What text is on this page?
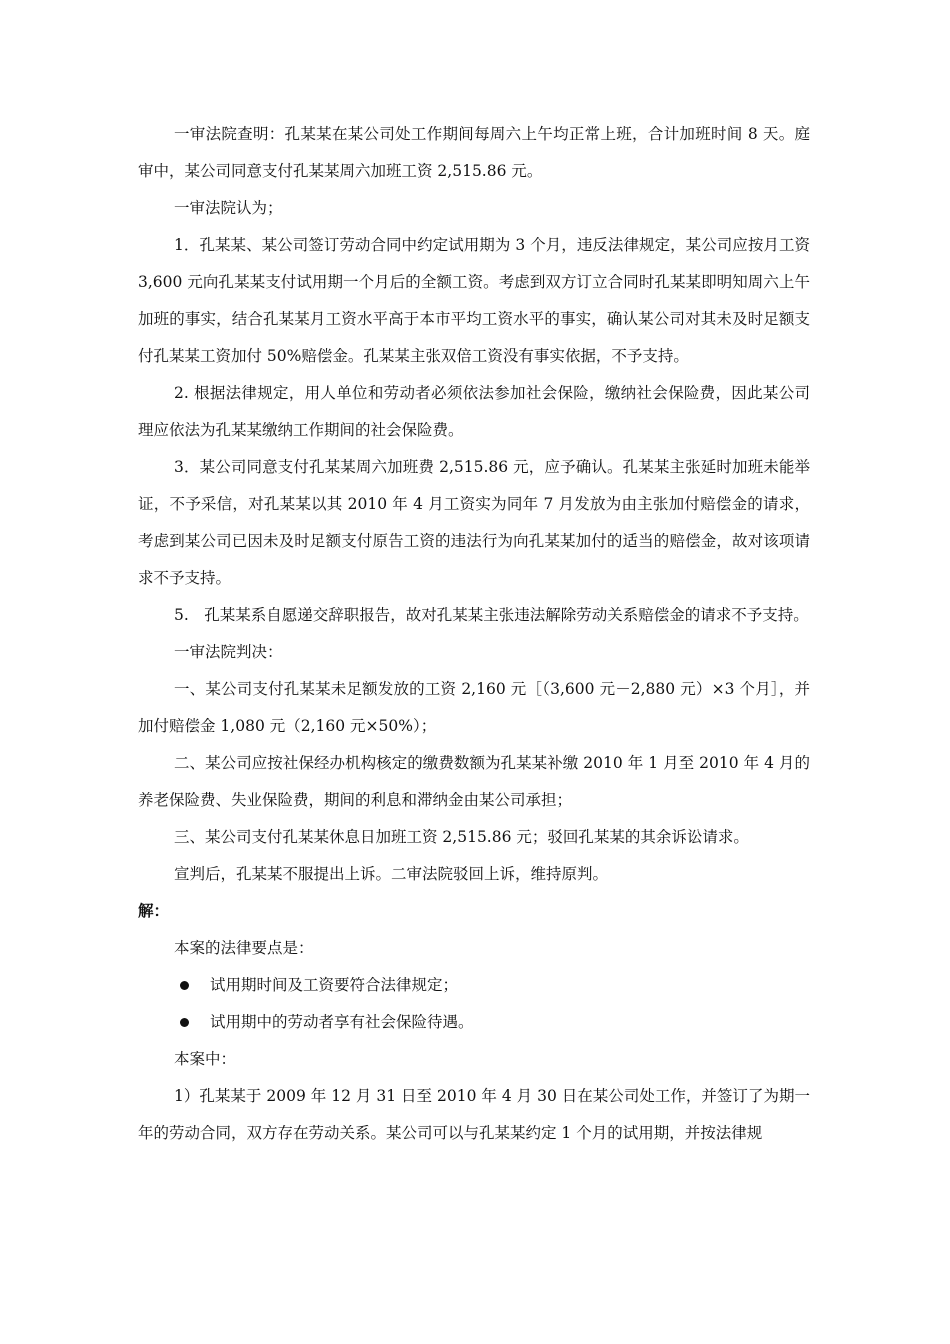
一审法院查明：孔某某在某公司处工作期间每周六上午均正常上班，合计加班时间 8 天。庭审中，某公司同意支付孔某某周六加班工资 2,515.86 元。

一审法院认为；

1．孔某某、某公司签订劳动合同中约定试用期为 3 个月，违反法律规定，某公司应按月工资 3,600 元向孔某某支付试用期一个月后的全额工资。考虑到双方订立合同时孔某某即明知周六上午加班的事实，结合孔某某月工资水平高于本市平均工资水平的事实，确认某公司对其未及时足额支付孔某某工资加付 50%赔偿金。孔某某主张双倍工资没有事实依据，不予支持。

2. 根据法律规定，用人单位和劳动者必须依法参加社会保险，缴纳社会保险费，因此某公司理应依法为孔某某缴纳工作期间的社会保险费。

3．某公司同意支付孔某某周六加班费 2,515.86 元，应予确认。孔某某主张延时加班未能举证，不予采信，对孔某某以其 2010 年 4 月工资实为同年 7 月发放为由主张加付赔偿金的请求，考虑到某公司已因未及时足额支付原告工资的违法行为向孔某某加付的适当的赔偿金，故对该项请求不予支持。

5.　孔某某系自愿递交辞职报告，故对孔某某主张违法解除劳动关系赔偿金的请求不予支持。

一审法院判决：

一、某公司支付孔某某未足额发放的工资 2,160 元［（3,600 元－2,880 元）×3 个月］，并加付赔偿金 1,080 元（2,160 元×50%）；

二、某公司应按社保经办机构核定的缴费数额为孔某某补缴 2010 年 1 月至 2010 年 4 月的养老保险费、失业保险费，期间的利息和滞纳金由某公司承担；

三、某公司支付孔某某休息日加班工资 2,515.86 元；驳回孔某某的其余诉讼请求。

宣判后，孔某某不服提出上诉。二审法院驳回上诉，维持原判。

解：

本案的法律要点是：

试用期时间及工资要符合法律规定；

试用期中的劳动者享有社会保险待遇。

本案中：

1）孔某某于 2009 年 12 月 31 日至 2010 年 4 月 30 日在某公司处工作，并签订了为期一年的劳动合同，双方存在劳动关系。某公司可以与孔某某约定 1 个月的试用期，并按法律规
